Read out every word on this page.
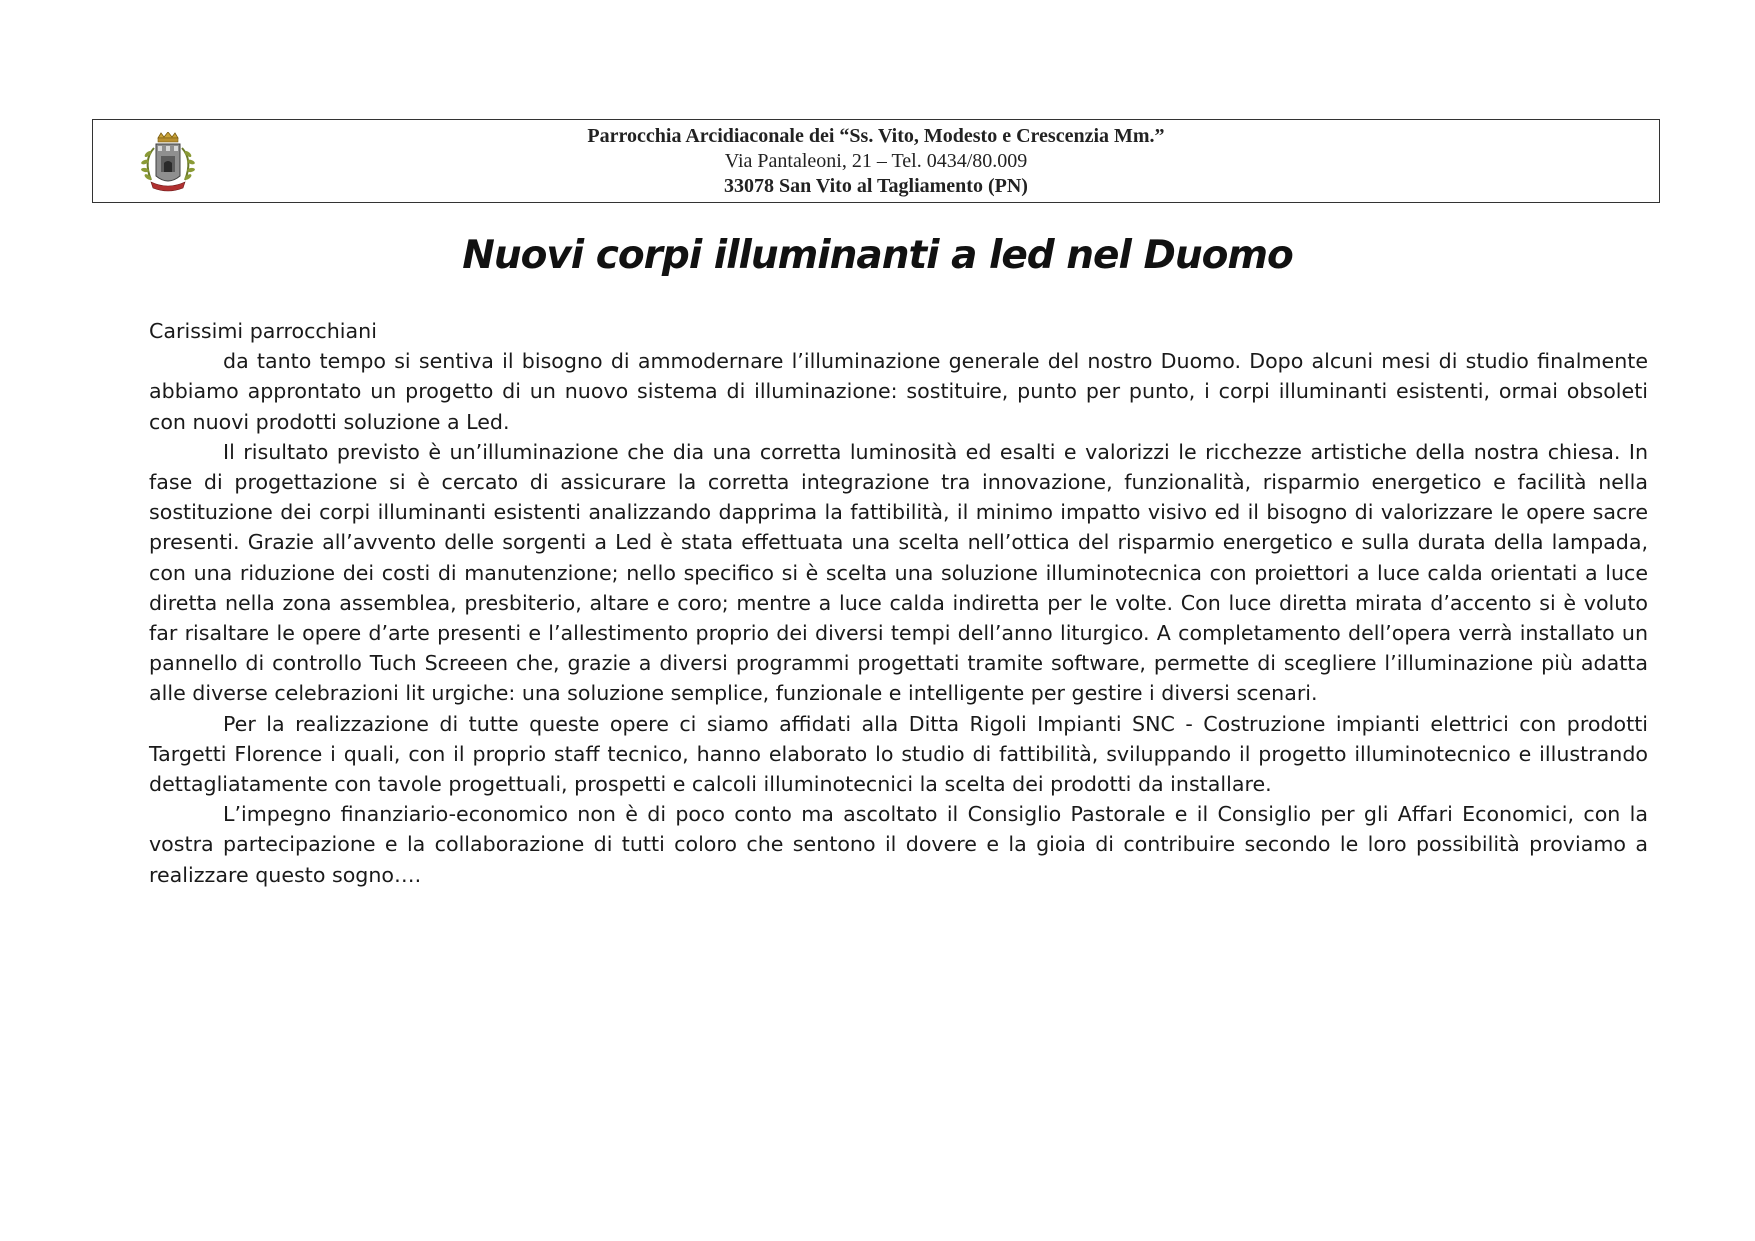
Parrocchia Arcidiaconale dei “Ss. Vito, Modesto e Crescenzia Mm.”
Via Pantaleoni, 21 – Tel. 0434/80.009
33078 San Vito al Tagliamento (PN)
Nuovi corpi illuminanti a led nel Duomo

Carissimi parrocchiani

da tanto tempo si sentiva il bisogno di ammodernare l’illuminazione generale del nostro Duomo. Dopo alcuni mesi di studio finalmente abbiamo approntato un progetto di un nuovo sistema di illuminazione: sostituire, punto per punto, i corpi illuminanti esistenti, ormai obsoleti con nuovi prodotti soluzione a Led.

Il risultato previsto è un’illuminazione che dia una corretta luminosità ed esalti e valorizzi le ricchezze artistiche della nostra chiesa. In fase di progettazione si è cercato di assicurare la corretta integrazione tra innovazione, funzionalità, risparmio energetico e facilità nella sostituzione dei corpi illuminanti esistenti analizzando dapprima la fattibilità, il minimo impatto visivo ed il bisogno di valorizzare le opere sacre presenti. Grazie all’avvento delle sorgenti a Led è stata effettuata una scelta nell’ottica del risparmio energetico e sulla durata della lampada, con una riduzione dei costi di manutenzione; nello specifico si è scelta una soluzione illuminotecnica con proiettori a luce calda orientati a luce diretta nella zona assemblea, presbiterio, altare e coro; mentre a luce calda indiretta per le volte. Con luce diretta mirata d’accento si è voluto far risaltare le opere d’arte presenti e l’allestimento proprio dei diversi tempi dell’anno liturgico. A completamento dell’opera verrà installato un pannello di controllo Tuch Screeen che, grazie a diversi programmi progettati tramite software, permette di scegliere l’illuminazione più adatta alle diverse celebrazioni lit urgiche: una soluzione semplice, funzionale e intelligente per gestire i diversi scenari.

Per la realizzazione di tutte queste opere ci siamo affidati alla Ditta Rigoli Impianti SNC - Costruzione impianti elettrici con prodotti Targetti Florence i quali, con il proprio staff tecnico, hanno elaborato lo studio di fattibilità, sviluppando il progetto illuminotecnico e illustrando dettagliatamente con tavole progettuali, prospetti e calcoli illuminotecnici la scelta dei prodotti da installare.

L’impegno finanziario-economico non è di poco conto ma ascoltato il Consiglio Pastorale e il Consiglio per gli Affari Economici, con la vostra partecipazione e la collaborazione di tutti coloro che sentono il dovere e la gioia di contribuire secondo le loro possibilità proviamo a realizzare questo sogno….
